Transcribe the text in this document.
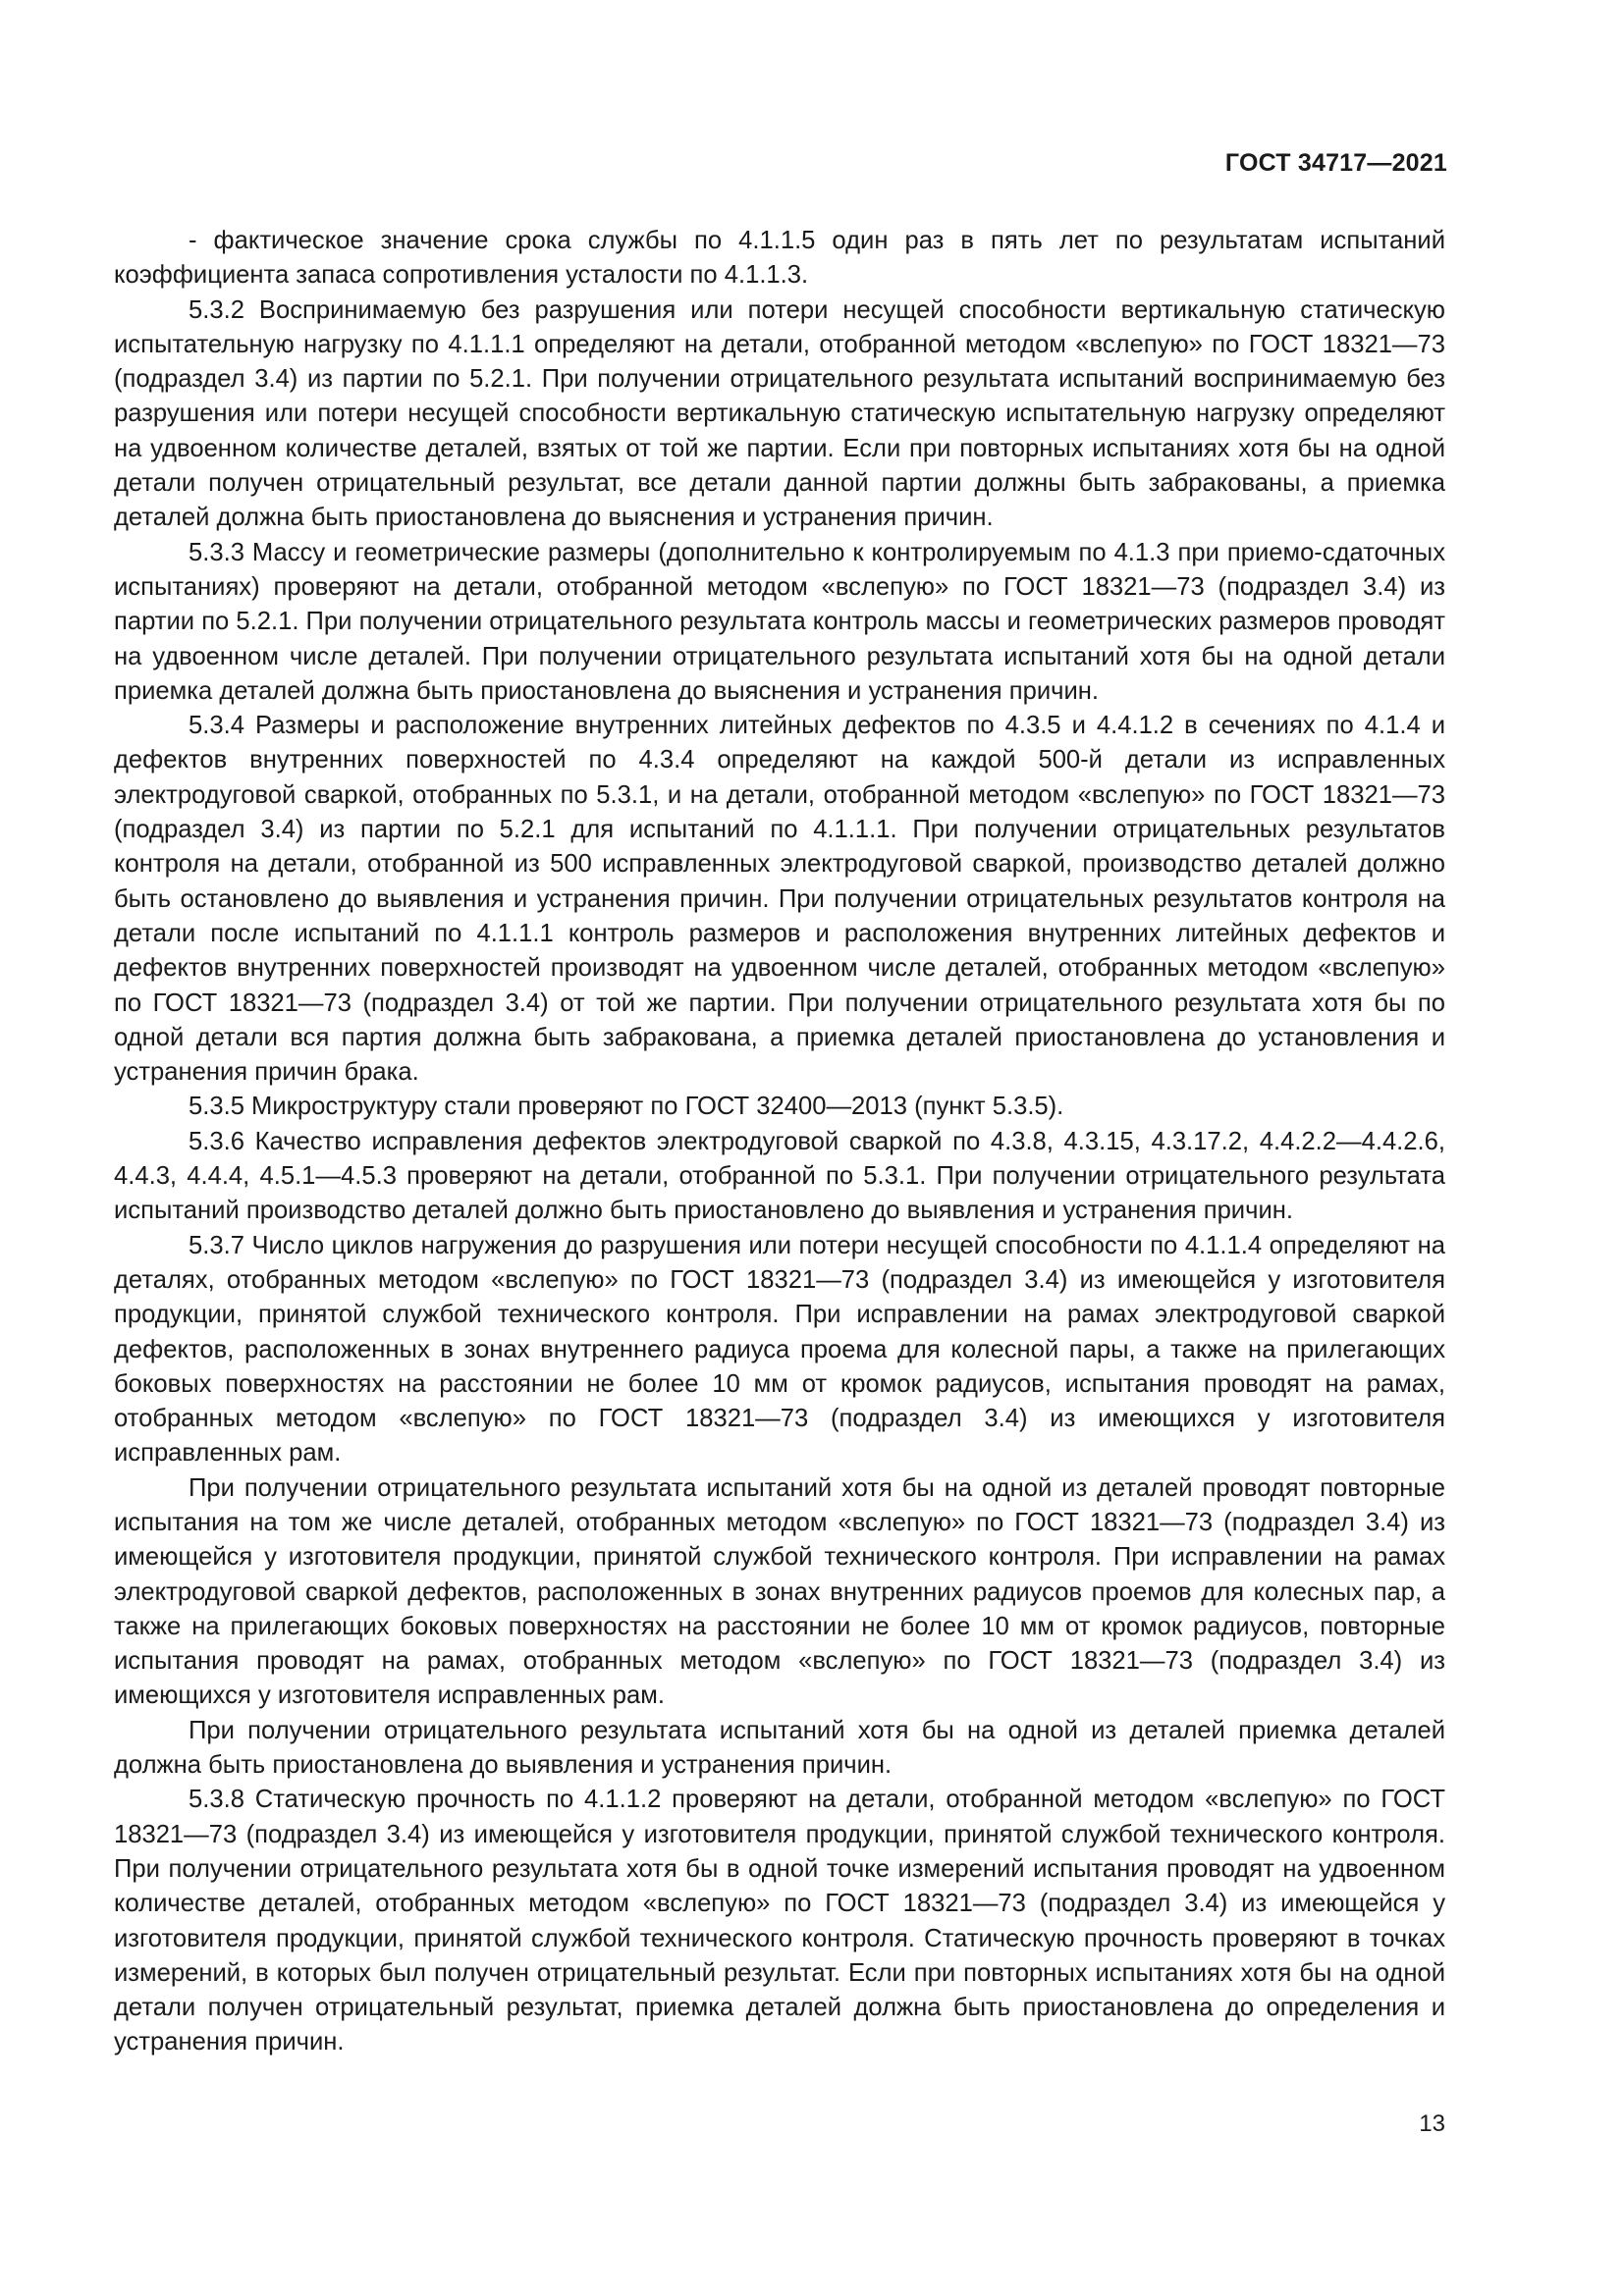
ГОСТ 34717—2021

- фактическое значение срока службы по 4.1.1.5 один раз в пять лет по результатам испытаний коэффициента запаса сопротивления усталости по 4.1.1.3.

5.3.2 Воспринимаемую без разрушения или потери несущей способности вертикальную статическую испытательную нагрузку по 4.1.1.1 определяют на детали, отобранной методом «вслепую» по ГОСТ 18321—73 (подраздел 3.4) из партии по 5.2.1. При получении отрицательного результата испытаний воспринимаемую без разрушения или потери несущей способности вертикальную статическую испытательную нагрузку определяют на удвоенном количестве деталей, взятых от той же партии. Если при повторных испытаниях хотя бы на одной детали получен отрицательный результат, все детали данной партии должны быть забракованы, а приемка деталей должна быть приостановлена до выяснения и устранения причин.

5.3.3 Массу и геометрические размеры (дополнительно к контролируемым по 4.1.3 при приемо-сдаточных испытаниях) проверяют на детали, отобранной методом «вслепую» по ГОСТ 18321—73 (подраздел 3.4) из партии по 5.2.1. При получении отрицательного результата контроль массы и геометрических размеров проводят на удвоенном числе деталей. При получении отрицательного результата испытаний хотя бы на одной детали приемка деталей должна быть приостановлена до выяснения и устранения причин.

5.3.4 Размеры и расположение внутренних литейных дефектов по 4.3.5 и 4.4.1.2 в сечениях по 4.1.4 и дефектов внутренних поверхностей по 4.3.4 определяют на каждой 500-й детали из исправленных электродуговой сваркой, отобранных по 5.3.1, и на детали, отобранной методом «вслепую» по ГОСТ 18321—73 (подраздел 3.4) из партии по 5.2.1 для испытаний по 4.1.1.1. При получении отрицательных результатов контроля на детали, отобранной из 500 исправленных электродуговой сваркой, производство деталей должно быть остановлено до выявления и устранения причин. При получении отрицательных результатов контроля на детали после испытаний по 4.1.1.1 контроль размеров и расположения внутренних литейных дефектов и дефектов внутренних поверхностей производят на удвоенном числе деталей, отобранных методом «вслепую» по ГОСТ 18321—73 (подраздел 3.4) от той же партии. При получении отрицательного результата хотя бы по одной детали вся партия должна быть забракована, а приемка деталей приостановлена до установления и устранения причин брака.

5.3.5 Микроструктуру стали проверяют по ГОСТ 32400—2013 (пункт 5.3.5).

5.3.6 Качество исправления дефектов электродуговой сваркой по 4.3.8, 4.3.15, 4.3.17.2, 4.4.2.2—4.4.2.6, 4.4.3, 4.4.4, 4.5.1—4.5.3 проверяют на детали, отобранной по 5.3.1. При получении отрицательного результата испытаний производство деталей должно быть приостановлено до выявления и устранения причин.

5.3.7 Число циклов нагружения до разрушения или потери несущей способности по 4.1.1.4 определяют на деталях, отобранных методом «вслепую» по ГОСТ 18321—73 (подраздел 3.4) из имеющейся у изготовителя продукции, принятой службой технического контроля. При исправлении на рамах электродуговой сваркой дефектов, расположенных в зонах внутреннего радиуса проема для колесной пары, а также на прилегающих боковых поверхностях на расстоянии не более 10 мм от кромок радиусов, испытания проводят на рамах, отобранных методом «вслепую» по ГОСТ 18321—73 (подраздел 3.4) из имеющихся у изготовителя исправленных рам.

При получении отрицательного результата испытаний хотя бы на одной из деталей проводят повторные испытания на том же числе деталей, отобранных методом «вслепую» по ГОСТ 18321—73 (подраздел 3.4) из имеющейся у изготовителя продукции, принятой службой технического контроля. При исправлении на рамах электродуговой сваркой дефектов, расположенных в зонах внутренних радиусов проемов для колесных пар, а также на прилегающих боковых поверхностях на расстоянии не более 10 мм от кромок радиусов, повторные испытания проводят на рамах, отобранных методом «вслепую» по ГОСТ 18321—73 (подраздел 3.4) из имеющихся у изготовителя исправленных рам.

При получении отрицательного результата испытаний хотя бы на одной из деталей приемка деталей должна быть приостановлена до выявления и устранения причин.

5.3.8 Статическую прочность по 4.1.1.2 проверяют на детали, отобранной методом «вслепую» по ГОСТ 18321—73 (подраздел 3.4) из имеющейся у изготовителя продукции, принятой службой технического контроля. При получении отрицательного результата хотя бы в одной точке измерений испытания проводят на удвоенном количестве деталей, отобранных методом «вслепую» по ГОСТ 18321—73 (подраздел 3.4) из имеющейся у изготовителя продукции, принятой службой технического контроля. Статическую прочность проверяют в точках измерений, в которых был получен отрицательный результат. Если при повторных испытаниях хотя бы на одной детали получен отрицательный результат, приемка деталей должна быть приостановлена до определения и устранения причин.

13
